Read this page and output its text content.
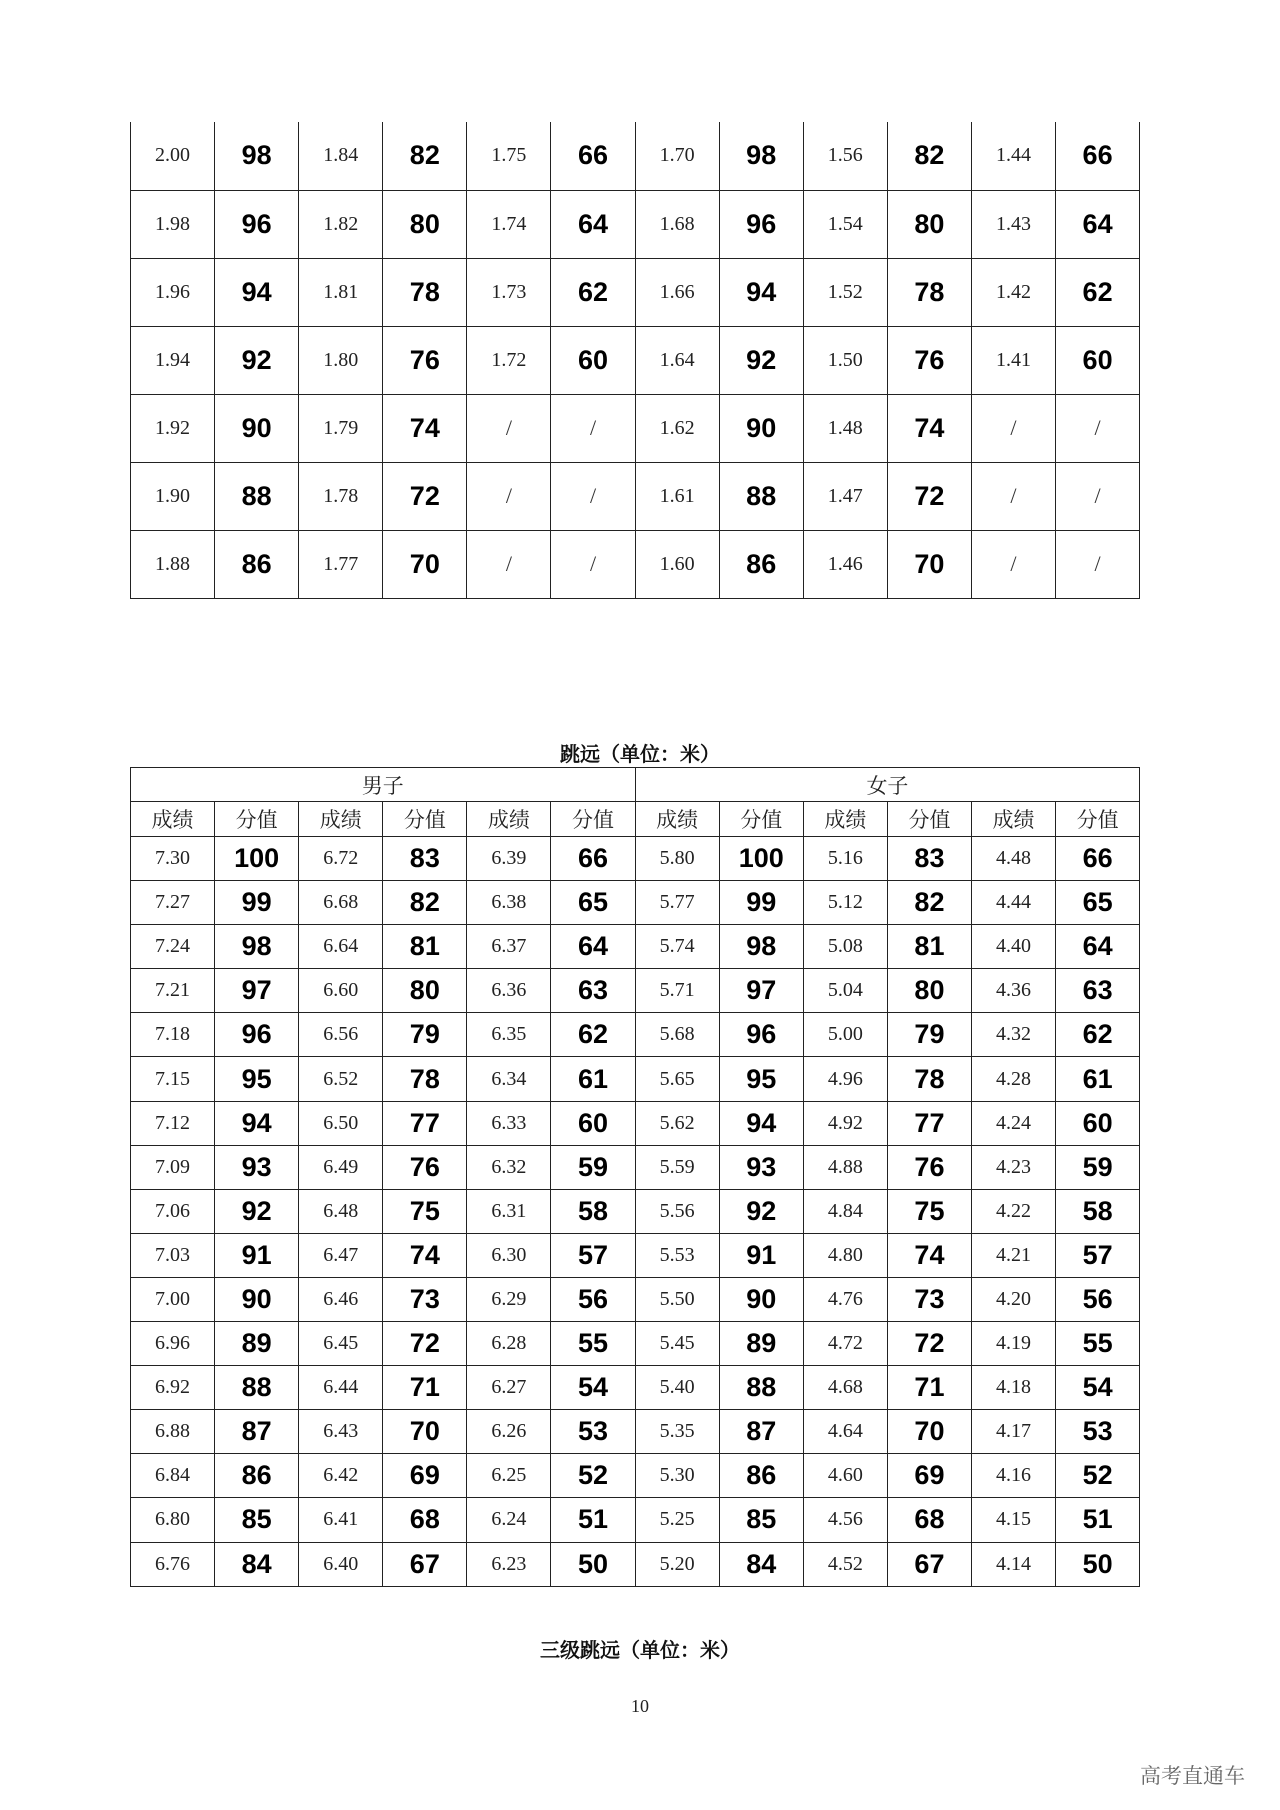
2.00	98	1.84	82	1.75	66	1.70	98	1.56	82	1.44	66
1.98	96	1.82	80	1.74	64	1.68	96	1.54	80	1.43	64
1.96	94	1.81	78	1.73	62	1.66	94	1.52	78	1.42	62
1.94	92	1.80	76	1.72	60	1.64	92	1.50	76	1.41	60
1.92	90	1.79	74	/	/	1.62	90	1.48	74	/	/
1.90	88	1.78	72	/	/	1.61	88	1.47	72	/	/
1.88	86	1.77	70	/	/	1.60	86	1.46	70	/	/
跳远（单位：米）
男子						女子					
成绩	分值	成绩	分值	成绩	分值	成绩	分值	成绩	分值	成绩	分值
7.30	100	6.72	83	6.39	66	5.80	100	5.16	83	4.48	66
7.27	99	6.68	82	6.38	65	5.77	99	5.12	82	4.44	65
7.24	98	6.64	81	6.37	64	5.74	98	5.08	81	4.40	64
7.21	97	6.60	80	6.36	63	5.71	97	5.04	80	4.36	63
7.18	96	6.56	79	6.35	62	5.68	96	5.00	79	4.32	62
7.15	95	6.52	78	6.34	61	5.65	95	4.96	78	4.28	61
7.12	94	6.50	77	6.33	60	5.62	94	4.92	77	4.24	60
7.09	93	6.49	76	6.32	59	5.59	93	4.88	76	4.23	59
7.06	92	6.48	75	6.31	58	5.56	92	4.84	75	4.22	58
7.03	91	6.47	74	6.30	57	5.53	91	4.80	74	4.21	57
7.00	90	6.46	73	6.29	56	5.50	90	4.76	73	4.20	56
6.96	89	6.45	72	6.28	55	5.45	89	4.72	72	4.19	55
6.92	88	6.44	71	6.27	54	5.40	88	4.68	71	4.18	54
6.88	87	6.43	70	6.26	53	5.35	87	4.64	70	4.17	53
6.84	86	6.42	69	6.25	52	5.30	86	4.60	69	4.16	52
6.80	85	6.41	68	6.24	51	5.25	85	4.56	68	4.15	51
6.76	84	6.40	67	6.23	50	5.20	84	4.52	67	4.14	50
三级跳远（单位：米）
10
高考直通车
